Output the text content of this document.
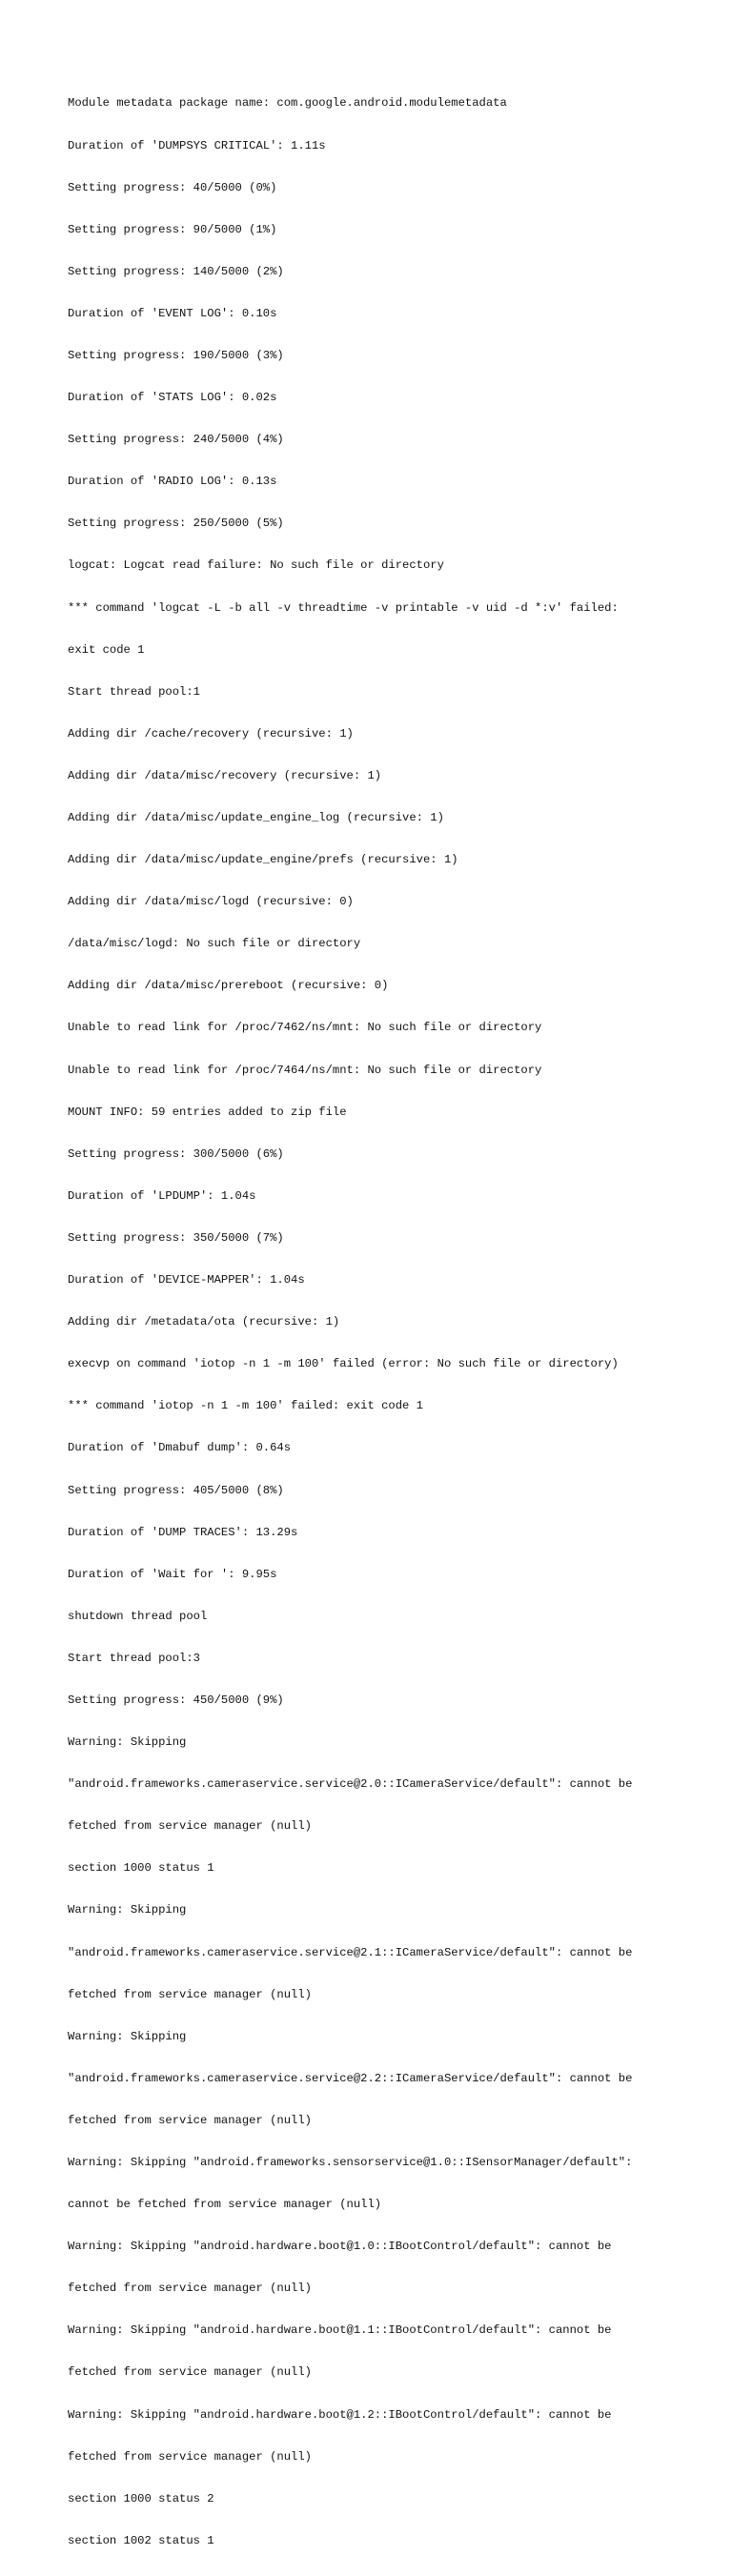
Module metadata package name: com.google.android.modulemetadata

Duration of 'DUMPSYS CRITICAL': 1.11s

Setting progress: 40/5000 (0%)

Setting progress: 90/5000 (1%)

Setting progress: 140/5000 (2%)

Duration of 'EVENT LOG': 0.10s

Setting progress: 190/5000 (3%)

Duration of 'STATS LOG': 0.02s

Setting progress: 240/5000 (4%)

Duration of 'RADIO LOG': 0.13s

Setting progress: 250/5000 (5%)

logcat: Logcat read failure: No such file or directory

*** command 'logcat -L -b all -v threadtime -v printable -v uid -d *:v' failed:

exit code 1

Start thread pool:1

Adding dir /cache/recovery (recursive: 1)

Adding dir /data/misc/recovery (recursive: 1)

Adding dir /data/misc/update_engine_log (recursive: 1)

Adding dir /data/misc/update_engine/prefs (recursive: 1)

Adding dir /data/misc/logd (recursive: 0)

/data/misc/logd: No such file or directory

Adding dir /data/misc/prereboot (recursive: 0)

Unable to read link for /proc/7462/ns/mnt: No such file or directory

Unable to read link for /proc/7464/ns/mnt: No such file or directory

MOUNT INFO: 59 entries added to zip file

Setting progress: 300/5000 (6%)

Duration of 'LPDUMP': 1.04s

Setting progress: 350/5000 (7%)

Duration of 'DEVICE-MAPPER': 1.04s

Adding dir /metadata/ota (recursive: 1)

execvp on command 'iotop -n 1 -m 100' failed (error: No such file or directory)

*** command 'iotop -n 1 -m 100' failed: exit code 1

Duration of 'Dmabuf dump': 0.64s

Setting progress: 405/5000 (8%)

Duration of 'DUMP TRACES': 13.29s

Duration of 'Wait for ': 9.95s

shutdown thread pool

Start thread pool:3

Setting progress: 450/5000 (9%)

Warning: Skipping

"android.frameworks.cameraservice.service@2.0::ICameraService/default": cannot be

fetched from service manager (null)

section 1000 status 1

Warning: Skipping

"android.frameworks.cameraservice.service@2.1::ICameraService/default": cannot be

fetched from service manager (null)

Warning: Skipping

"android.frameworks.cameraservice.service@2.2::ICameraService/default": cannot be

fetched from service manager (null)

Warning: Skipping "android.frameworks.sensorservice@1.0::ISensorManager/default":

cannot be fetched from service manager (null)

Warning: Skipping "android.hardware.boot@1.0::IBootControl/default": cannot be

fetched from service manager (null)

Warning: Skipping "android.hardware.boot@1.1::IBootControl/default": cannot be

fetched from service manager (null)

Warning: Skipping "android.hardware.boot@1.2::IBootControl/default": cannot be

fetched from service manager (null)

section 1000 status 2

section 1002 status 1
